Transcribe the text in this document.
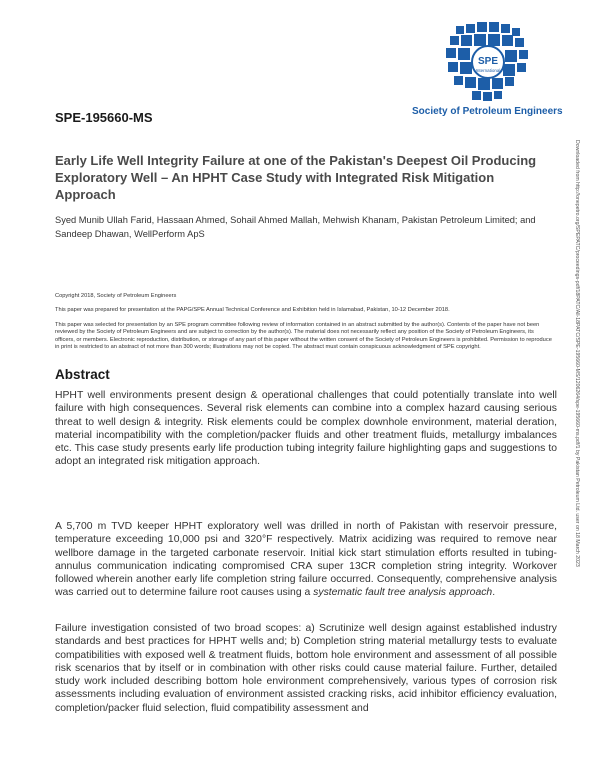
SPE
International
Society of Petroleum Engineers
SPE-195660-MS
Early Life Well Integrity Failure at one of the Pakistan's Deepest Oil Producing Exploratory Well – An HPHT Case Study with Integrated Risk Mitigation Approach
Syed Munib Ullah Farid, Hassaan Ahmed, Sohail Ahmed Mallah, Mehwish Khanam, Pakistan Petroleum Limited; and Sandeep Dhawan, WellPerform ApS
Copyright 2018, Society of Petroleum Engineers
This paper was prepared for presentation at the PAPG/SPE Annual Technical Conference and Exhibition held in Islamabad, Pakistan, 10-12 December 2018.
This paper was selected for presentation by an SPE program committee following review of information contained in an abstract submitted by the author(s). Contents of the paper have not been reviewed by the Society of Petroleum Engineers and are subject to correction by the author(s). The material does not necessarily reflect any position of the Society of Petroleum Engineers, its officers, or members. Electronic reproduction, distribution, or storage of any part of this paper without the written consent of the Society of Petroleum Engineers is prohibited. Permission to reproduce in print is restricted to an abstract of not more than 300 words; illustrations may not be copied. The abstract must contain conspicuous acknowledgment of SPE copyright.	Downloaded from http://onepetro.org/SPEPATC/proceedings-pdf/18PATC/All-18PATC/SPE-195660-MS/1206264/spe-195660-ms.pdf/1 by Pakistan Petroleum Ltd. user on 18 March 2023
Abstract

HPHT well environments present design & operational challenges that could potentially translate into well failure with high consequences. Several risk elements can combine into a complex hazard causing serious threat to well design & integrity. Risk elements could be complex downhole environment, material deration, material incompatibility with the completion/packer fluids and other treatment fluids, metallurgy imbalances etc. This case study presents early life production tubing integrity failure highlighting gaps and suggestions to adopt an integrated risk mitigation approach.

A 5,700 m TVD keeper HPHT exploratory well was drilled in north of Pakistan with reservoir pressure, temperature exceeding 10,000 psi and 320°F respectively. Matrix acidizing was required to remove near wellbore damage in the targeted carbonate reservoir. Initial kick start stimulation efforts resulted in tubing-annulus communication indicating compromised CRA super 13CR completion string integrity. Workover followed wherein another early life completion string failure occurred. Consequently, comprehensive analysis was carried out to determine failure root causes using a systematic fault tree analysis approach.

Failure investigation consisted of two broad scopes: a) Scrutinize well design against established industry standards and best practices for HPHT wells and; b) Completion string material metallurgy tests to evaluate compatibilities with exposed well & treatment fluids, bottom hole environment and assessment of all possible risk scenarios that by itself or in combination with other risks could cause material failure. Further, detailed study work included describing bottom hole environment comprehensively, various types of corrosion risk assessments including evaluation of environment assisted cracking risks, acid inhibitor efficiency evaluation, completion/packer fluid selection, fluid compatibility assessment and
